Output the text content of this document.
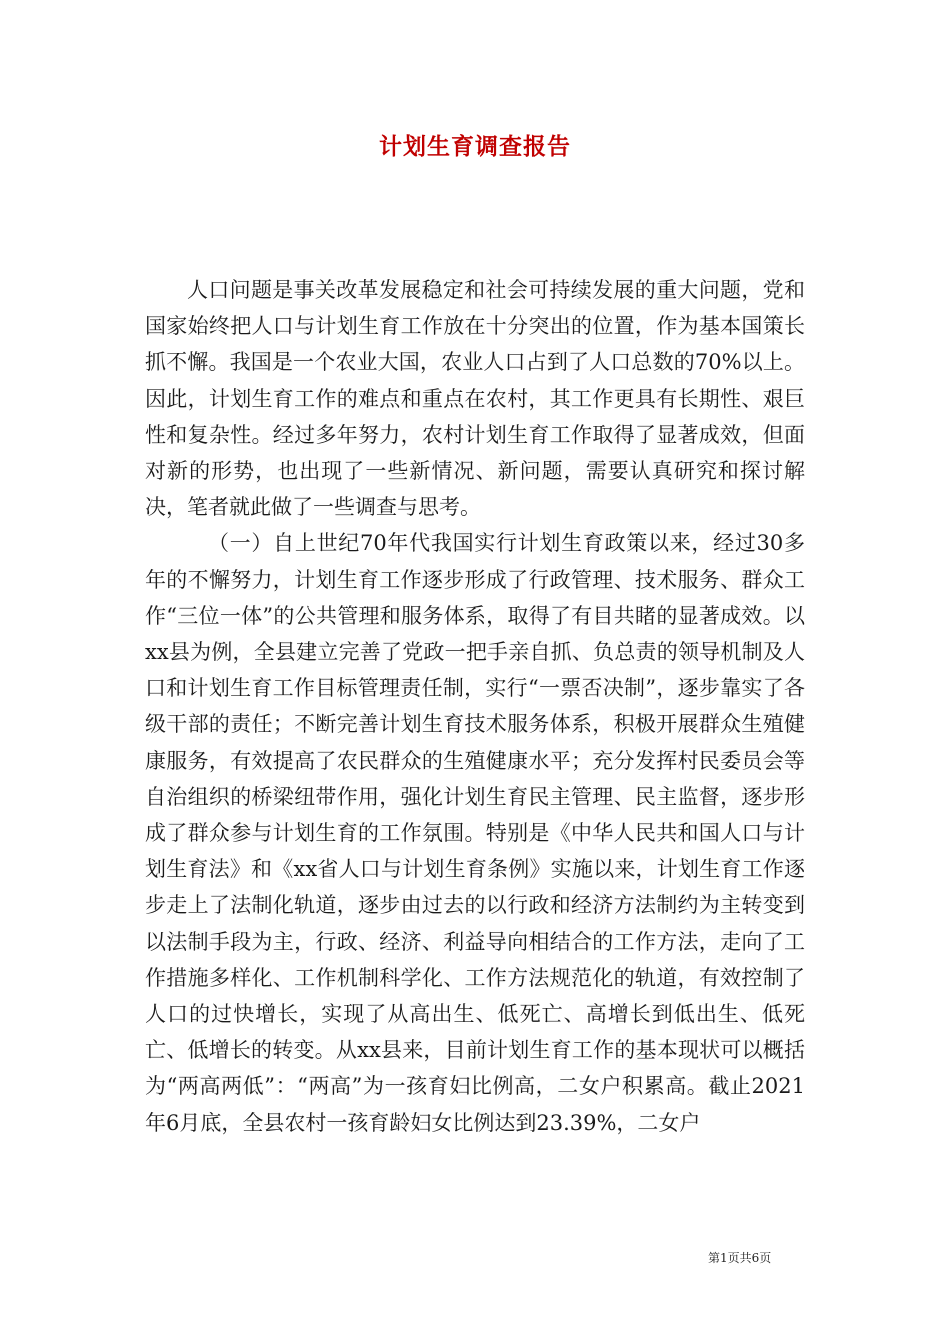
计划生育调查报告

人口问题是事关改革发展稳定和社会可持续发展的重大问题，党和国家始终把人口与计划生育工作放在十分突出的位置，作为基本国策长抓不懈。我国是一个农业大国，农业人口占到了人口总数的70%以上。因此，计划生育工作的难点和重点在农村，其工作更具有长期性、艰巨性和复杂性。经过多年努力，农村计划生育工作取得了显著成效，但面对新的形势，也出现了一些新情况、新问题，需要认真研究和探讨解决，笔者就此做了一些调查与思考。

（一）自上世纪70年代我国实行计划生育政策以来，经过30多年的不懈努力，计划生育工作逐步形成了行政管理、技术服务、群众工作“三位一体”的公共管理和服务体系，取得了有目共睹的显著成效。以xx县为例，全县建立完善了党政一把手亲自抓、负总责的领导机制及人口和计划生育工作目标管理责任制，实行“一票否决制”，逐步靠实了各级干部的责任；不断完善计划生育技术服务体系，积极开展群众生殖健康服务，有效提高了农民群众的生殖健康水平；充分发挥村民委员会等自治组织的桥梁纽带作用，强化计划生育民主管理、民主监督，逐步形成了群众参与计划生育的工作氛围。特别是《中华人民共和国人口与计划生育法》和《xx省人口与计划生育条例》实施以来，计划生育工作逐步走上了法制化轨道，逐步由过去的以行政和经济方法制约为主转变到以法制手段为主，行政、经济、利益导向相结合的工作方法，走向了工作措施多样化、工作机制科学化、工作方法规范化的轨道，有效控制了人口的过快增长，实现了从高出生、低死亡、高增长到低出生、低死亡、低增长的转变。从xx县来，目前计划生育工作的基本现状可以概括为“两高两低”：“两高”为一孩育妇比例高，二女户积累高。截止2021年6月底，全县农村一孩育龄妇女比例达到23.39%，二女户

第1页共6页
